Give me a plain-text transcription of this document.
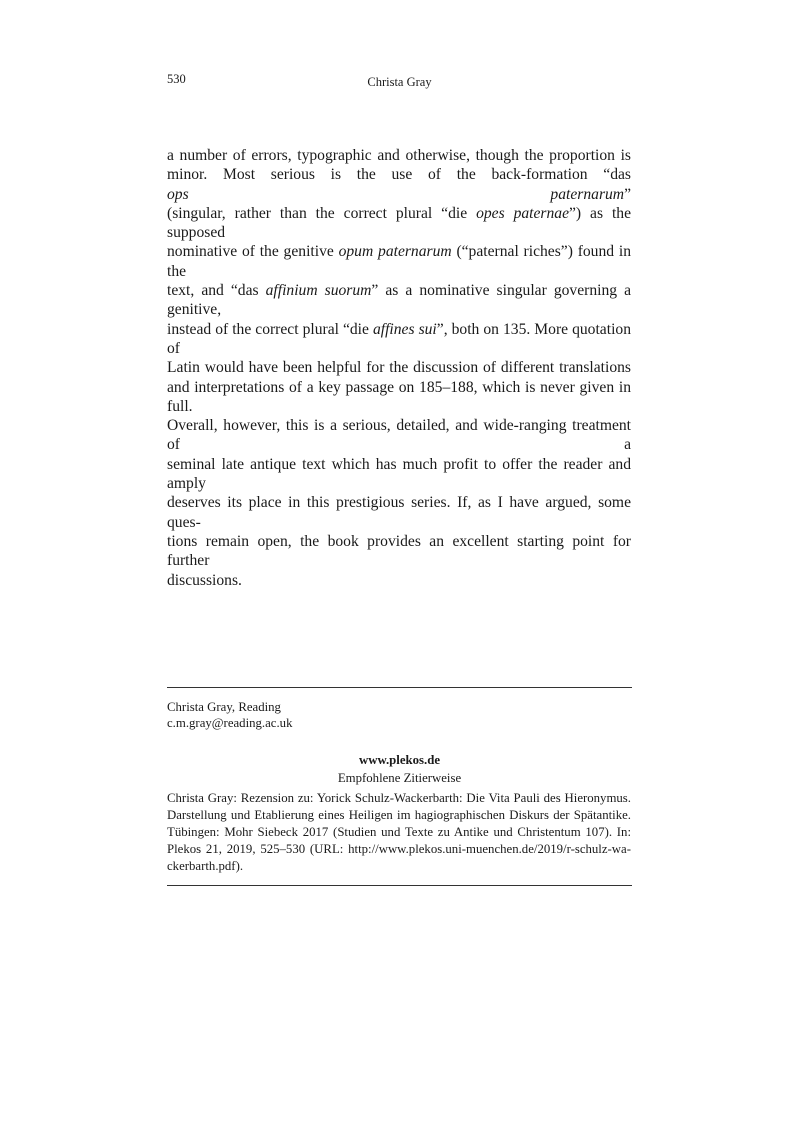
530	Christa Gray
a number of errors, typographic and otherwise, though the proportion is
minor. Most serious is the use of the back-formation “das ops paternarum”
(singular, rather than the correct plural “die opes paternae”) as the supposed
nominative of the genitive opum paternarum (“paternal riches”) found in the
text, and “das affinium suorum” as a nominative singular governing a genitive,
instead of the correct plural “die affines sui”, both on 135. More quotation of
Latin would have been helpful for the discussion of different translations
and interpretations of a key passage on 185–188, which is never given in full.
Overall, however, this is a serious, detailed, and wide-ranging treatment of a
seminal late antique text which has much profit to offer the reader and amply
deserves its place in this prestigious series. If, as I have argued, some ques-
tions remain open, the book provides an excellent starting point for further
discussions.
Christa Gray, Reading
c.m.gray@reading.ac.uk
www.plekos.de
Empfohlene Zitierweise
Christa Gray: Rezension zu: Yorick Schulz-Wackerbarth: Die Vita Pauli des Hieronymus.
Darstellung und Etablierung eines Heiligen im hagiographischen Diskurs der Spätantike.
Tübingen: Mohr Siebeck 2017 (Studien und Texte zu Antike und Christentum 107). In:
Plekos 21, 2019, 525–530 (URL: http://www.plekos.uni-muenchen.de/2019/r-schulz-wa-
ckerbarth.pdf).
